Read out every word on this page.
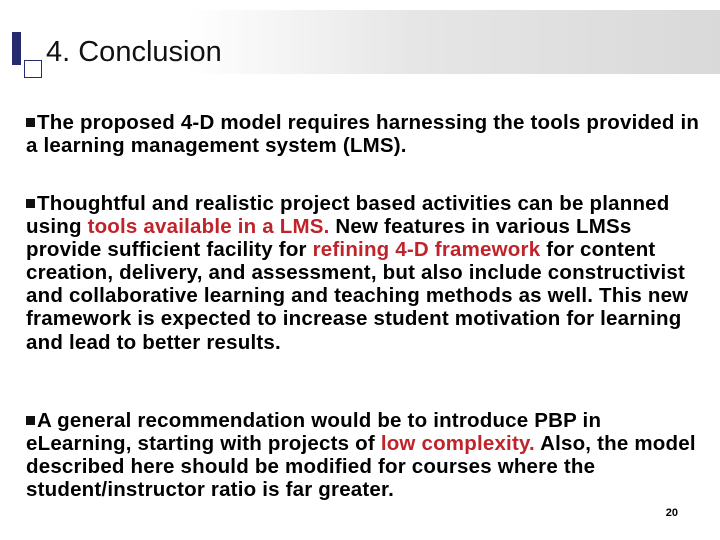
4. Conclusion
The proposed 4-D model requires harnessing the tools provided in a learning management system (LMS).
Thoughtful and realistic project based activities can be planned using tools available in a LMS. New features in various LMSs provide sufficient facility for refining 4-D framework for content creation, delivery, and assessment, but also include constructivist and collaborative learning and teaching methods as well. This new framework is expected to increase student motivation for learning and lead to better results.
A general recommendation would be to introduce PBP in eLearning, starting with projects of low complexity. Also, the model described here should be modified for courses where the student/instructor ratio is far greater.
20
